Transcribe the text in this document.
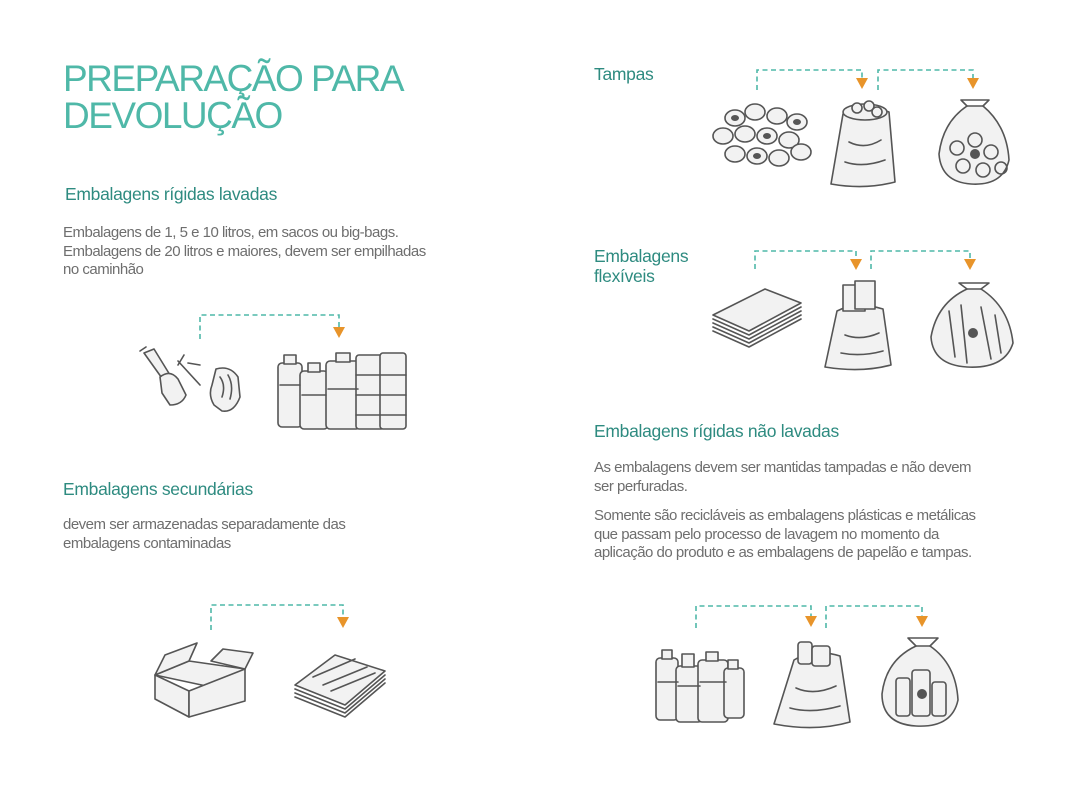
PREPARAÇÃO PARA
DEVOLUÇÃO
Embalagens rígidas lavadas
Embalagens de 1, 5 e 10 litros, em sacos ou big-bags.
Embalagens de 20 litros e maiores, devem ser empilhadas
no caminhão
Embalagens secundárias
devem ser armazenadas separadamente das
embalagens contaminadas
Tampas
Embalagens
flexíveis
Embalagens rígidas não lavadas
As embalagens devem ser mantidas tampadas e não devem
ser perfuradas.
Somente são recicláveis as embalagens plásticas e metálicas
que passam pelo processo de lavagem no momento da
aplicação do produto e as embalagens de papelão e tampas.
